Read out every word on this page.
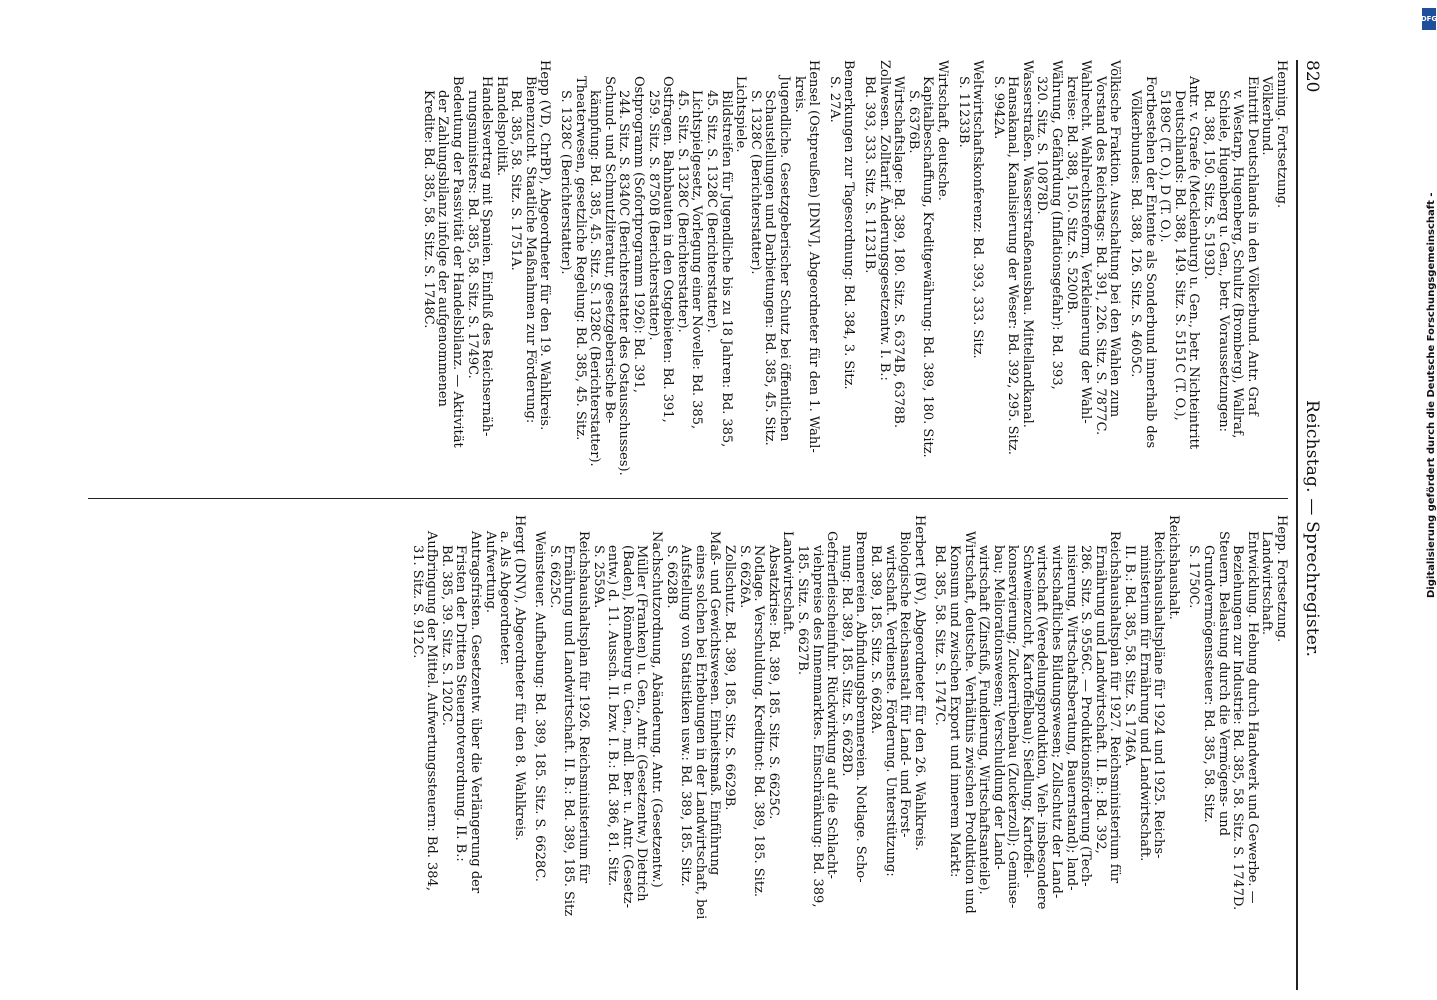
Digitalisierung gefördert durch die Deutsche Forschungsgemeinschaft -
DFG
820
Reichstag. — Sprechregister.
Henning. Fortsetzung.
Völkerbund.
Eintritt Deutschlands in den Völkerbund. Antr. Graf
v. Westarp, Hugenberg, Schultz (Bromberg), Wallraf,
Schiele, Hugenberg u. Gen., betr. Voraussetzungen:
Bd. 388, 150. Sitz. S. 5193D.
Antr. v. Graefe (Mecklenburg) u. Gen., betr. Nichteintritt
Deutschlands: Bd. 388, 149. Sitz. S. 5151C (T. O.),
5189C (T. O.), D (T. O.).
Fortbestehen der Entente als Sonderbund innerhalb des
Völkerbundes: Bd. 388, 126. Sitz. S. 4605C.
Völkische Fraktion. Ausschaltung bei den Wahlen zum
Vorstand des Reichstags: Bd. 391, 226. Sitz. S. 7877C.
Wahlrecht. Wahlrechtsreform, Verkleinerung der Wahl-
kreise: Bd. 388, 150. Sitz. S. 5200B.
Währung, Gefährdung (Inflationsgefahr): Bd. 393,
320. Sitz. S. 10878D.
Wasserstraßen. Wasserstraßenausbau. Mittellandkanal.
Hansakanal, Kanalisierung der Weser: Bd. 392, 295. Sitz.
S. 9942A.
Weltwirtschaftskonferenz: Bd. 393, 333. Sitz.
S. 11233B.
Wirtschaft, deutsche.
Kapitalbeschaffung, Kreditgewährung: Bd. 389, 180. Sitz.
S. 6376B.
Wirtschaftslage: Bd. 389, 180. Sitz. S. 6374B, 6378B.
Zollwesen. Zolltarif. Änderungsgesetzentw. I. B.:
Bd. 393, 333. Sitz. S. 11231B.
Bemerkungen zur Tagesordnung: Bd. 384, 3. Sitz.
S. 27A.
Hensel (Ostpreußen) [DNV], Abgeordneter für den 1. Wahl-
kreis.
Jugendliche. Gesetzgeberischer Schutz bei öffentlichen
Schaustellungen und Darbietungen: Bd. 385, 45. Sitz.
S. 1328C (Berichterstatter).
Lichtspiele.
Bildstreifen für Jugendliche bis zu 18 Jahren: Bd. 385,
45. Sitz. S. 1328C (Berichterstatter).
Lichtspielgesetz, Vorlegung einer Novelle: Bd. 385,
45. Sitz. S. 1328C (Berichterstatter).
Ostfragen. Bahnbauten in den Ostgebieten: Bd. 391,
259. Sitz. S. 8750B (Berichterstatter).
Ostprogramm (Sofortprogramm 1926): Bd. 391,
244. Sitz. S. 8340C (Berichterstatter des Ostausschusses).
Schund- und Schmutzliteratur, gesetzgeberische Be-
kämpfung: Bd. 385, 45. Sitz. S. 1328C (Berichterstatter).
Theaterwesen, gesetzliche Regelung: Bd. 385, 45. Sitz.
S. 1328C (Berichterstatter).
Hepp (VD, ChrBP), Abgeordneter für den 19. Wahlkreis.
Bienenzucht. Staatliche Maßnahmen zur Förderung:
Bd. 385, 58. Sitz. S. 1751A.
Handelspolitik.
Handelsvertrag mit Spanien. Einfluß des Reichsernäh-
rungsministers: Bd. 385, 58. Sitz. S. 1749C.
Bedeutung der Passivität der Handelsbilanz. — Aktivität
der Zahlungsbilanz infolge der aufgenommenen
Kredite: Bd. 385, 58. Sitz. S. 1748C.
Hepp. Fortsetzung.
Landwirtschaft.
Entwicklung. Hebung durch Handwerk und Gewerbe. —
Beziehungen zur Industrie: Bd. 385, 58. Sitz. S. 1747D.
Steuern. Belastung durch die Vermögens- und
Grundvermögenssteuer: Bd. 385, 58. Sitz.
S. 1750C.
Reichshaushalt.
Reichshaushaltspläne für 1924 und 1925. Reichs-
ministerium für Ernährung und Landwirtschaft.
II. B.: Bd. 385, 58. Sitz. S. 1746A.
Reichshaushaltsplan für 1927. Reichsministerium für
Ernährung und Landwirtschaft. II. B.: Bd. 392,
286. Sitz. S. 9556C. — Produktionsförderung (Tech-
nisierung, Wirtschaftsberatung, Bauernstand); land-
wirtschaftliches Bildungswesen; Zollschutz der Land-
wirtschaft (Veredelungsproduktion, Vieh- insbesondere
Schweinezucht, Kartoffelbau); Siedlung; Kartoffel-
konservierung; Zuckerrübenbau (Zuckerzoll); Gemüse-
bau; Meliorationswesen; Verschuldung der Land-
wirtschaft (Zinsfuß, Fundierung, Wirtschaftsanteile).
Wirtschaft, deutsche. Verhältnis zwischen Produktion und
Konsum und zwischen Export und innerem Markt:
Bd. 385, 58. Sitz. S. 1747C.
Herbert (BV), Abgeordneter für den 26. Wahlkreis.
Biologische Reichsanstalt für Land- und Forst-
wirtschaft. Verdienste. Förderung. Unterstützung:
Bd. 389, 185. Sitz. S. 6628A.
Brennereien. Abfindungsbrennereien. Notlage. Scho-
nung: Bd. 389, 185. Sitz. S. 6628D.
Gefrierfleischeinfuhr. Rückwirkung auf die Schlacht-
viehpreise des Innenmarktes. Einschränkung: Bd. 389,
185. Sitz. S. 6627B.
Landwirtschaft.
Absatzkrise: Bd. 389, 185. Sitz. S. 6625C.
Notlage. Verschuldung. Kreditnot: Bd. 389, 185. Sitz.
S. 6626A.
Zollschutz. Bd. 389, 185. Sitz. S. 6629B.
Maß- und Gewichtswesen. Einheitsmaß. Einführung
eines solchen bei Erhebungen in der Landwirtschaft, bei
Aufstellung von Statistiken usw.: Bd. 389, 185. Sitz.
S. 6628B.
Nachschutzordnung, Abänderung. Antr. (Gesetzentw.)
Müller (Franken) u. Gen., Antr. (Gesetzentw.) Dietrich
(Baden), Rönneburg u. Gen., mdl. Ber. u. Antr. (Gesetz-
entw.) d. 11. Aussch. II. bzw. I. B.: Bd. 386, 81. Sitz.
S. 2559A.
Reichshaushaltsplan für 1926. Reichsministerium für
Ernährung und Landwirtschaft. II. B.: Bd. 389, 185. Sitz
S. 6625C.
Weinsteuer. Aufhebung: Bd. 389, 185. Sitz. S. 6628C.
Hergt (DNV), Abgeordneter für den 8. Wahlkreis.
a. Als Abgeordneter.
Aufwertung.
Antragsfristen. Gesetzentw. über die Verlängerung der
Fristen der Dritten Steuernotverordnung. II. B.:
Bd. 385, 39. Sitz. S. 1202C.
Aufbringung der Mittel. Aufwertungssteuern: Bd. 384,
31. Sitz. S. 912C.
